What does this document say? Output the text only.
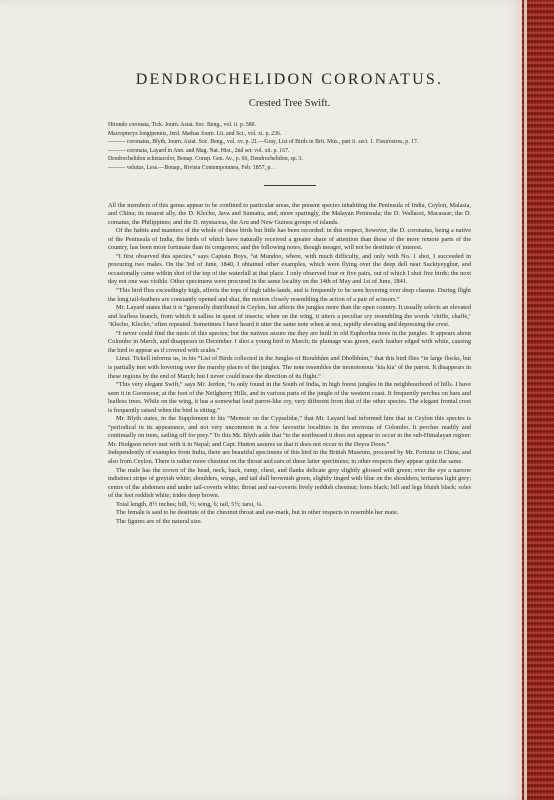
DENDROCHELIDON CORONATUS.
Crested Tree Swift.

Hirundo coronata, Tick. Journ. Asiat. Soc. Beng., vol. ii. p. 580.

Macropteryx longipennis, Jerd. Madras Journ. Lit. and Sci., vol. xi. p. 236.

——— coronatus, Blyth, Journ. Asiat. Soc. Beng., vol. xv. p. 21.—Gray, List of Birds in Brit. Mus., part ii. sect. 1. Fissirostres, p. 17.

——— coronata, Layard in Ann. and Mag. Nat. Hist., 2nd ser. vol. xii. p. 167.

Dendrochelidon schistacolor, Bonap. Consp. Gen. Av., p. 66, Dendrochelidon, sp. 3.

——— velutus, Less.—Bonap., Rivista Contemporanea, Feb. 1857, p. .

All the members of this genus appear to be confined to particular areas, the present species inhabiting the Peninsula of India, Ceylon, Malasia, and China; its nearest ally, the D. Klecho, Java and Sumatra, and, more sparingly, the Malayan Peninsula; the D. Wallacei, Macassar; the D. comatus, the Philippines; and the D. mystaceus, the Aru and New Guinea groups of islands.

Of the habits and manners of the whole of these birds but little has been recorded: in this respect, however, the D. coronatus, being a native of the Peninsula of India, the birds of which have naturally received a greater share of attention than those of the more remote parts of the country, has been more fortunate than its congeners; and the following notes, though meagre, will not be destitute of interest.

“I first observed this species,” says Captain Boys, “at Mundoo, where, with much difficulty, and only with No. 1 shot, I succeeded in procuring two males. On the 3rd of June, 1840, I obtained other examples, which were flying over the deep dell near Sucktyeyghur, and occasionally came within shot of the top of the waterfall at that place. I only observed four or five pairs, out of which I shot five birds; the next day not one was visible. Other specimens were procured in the same locality on the 14th of May and 1st of June, 1841.

“This bird flies exceedingly high, affects the tops of high table-lands, and is frequently to be seen hovering over deep chasms. During flight the long tail-feathers are constantly opened and shut, the motion closely resembling the action of a pair of scissors.”

Mr. Layard states that it is “generally distributed in Ceylon, but affects the jungles more than the open country. It usually selects an elevated and leafless branch, from which it sallies in quest of insects; when on the wing, it utters a peculiar cry resembling the words ‘chiffe, chaffe,’ ‘Klecho, Klecho,’ often repeated. Sometimes I have heard it utter the same note when at rest, rapidly elevating and depressing the crest.

“I never could find the nests of this species; but the natives assure me they are built in old Euphorbia trees in the jungles. It appears about Colombo in March, and disappears in December. I shot a young bird in March; its plumage was green, each feather edged with white, causing the bird to appear as if covered with scales.”

Lieut. Tickell informs us, in his “List of Birds collected in the Jungles of Borabhúm and Dholbhúm,” that this bird flies “in large flocks, but is partially met with hovering over the marshy places of the jungles. The note resembles the monotonous ‘kia kia’ of the parrot. It disappears in these regions by the end of March; but I never could trace the direction of its flight.”

“This very elegant Swift,” says Mr. Jerdon, “is only found in the South of India, in high forest jungles in the neighbourhood of hills. I have seen it in Goomsoor, at the foot of the Neilgherry Hills, and in various parts of the jungle of the western coast. It frequently perches on bare and leafless trees. While on the wing, it has a somewhat loud parrot-like cry, very different from that of the other species. The elegant frontal crest is frequently raised when the bird is sitting.”

Mr. Blyth states, in the Supplement to his “Memoir on the Cypselidæ,” that Mr. Layard had informed him that in Ceylon this species is “periodical in its appearance, and not very uncommon in a few favourite localities in the environs of Colombo. It perches readily and continually on trees, sailing off for prey.” To this Mr. Blyth adds that “to the northward it does not appear to occur in the sub-Himalayan region: Mr. Hodgson never met with it in Nepal; and Capt. Hutton assures us that it does not occur in the Deyra Doon.”

Independently of examples from India, there are beautiful specimens of this bird in the British Museum, procured by Mr. Fortune in China, and also from Ceylon. There is rather more chestnut on the throat and ears of these latter specimens; in other respects they appear quite the same.

The male has the crown of the head, neck, back, rump, chest, and flanks delicate grey slightly glossed with green; over the eye a narrow indistinct stripe of greyish white; shoulders, wings, and tail dull brownish green, slightly tinged with blue on the shoulders; tertiaries light grey; centre of the abdomen and under tail-coverts white; throat and ear-coverts lively reddish chestnut; lores black; bill and legs bluish black; soles of the feet reddish white; irides deep brown.

Total length, 8½ inches; bill, ½; wing, 6; tail, 5½; tarsi, ¼.

The female is said to be destitute of the chestnut throat and ear-mark, but in other respects to resemble her mate.

The figures are of the natural size.
